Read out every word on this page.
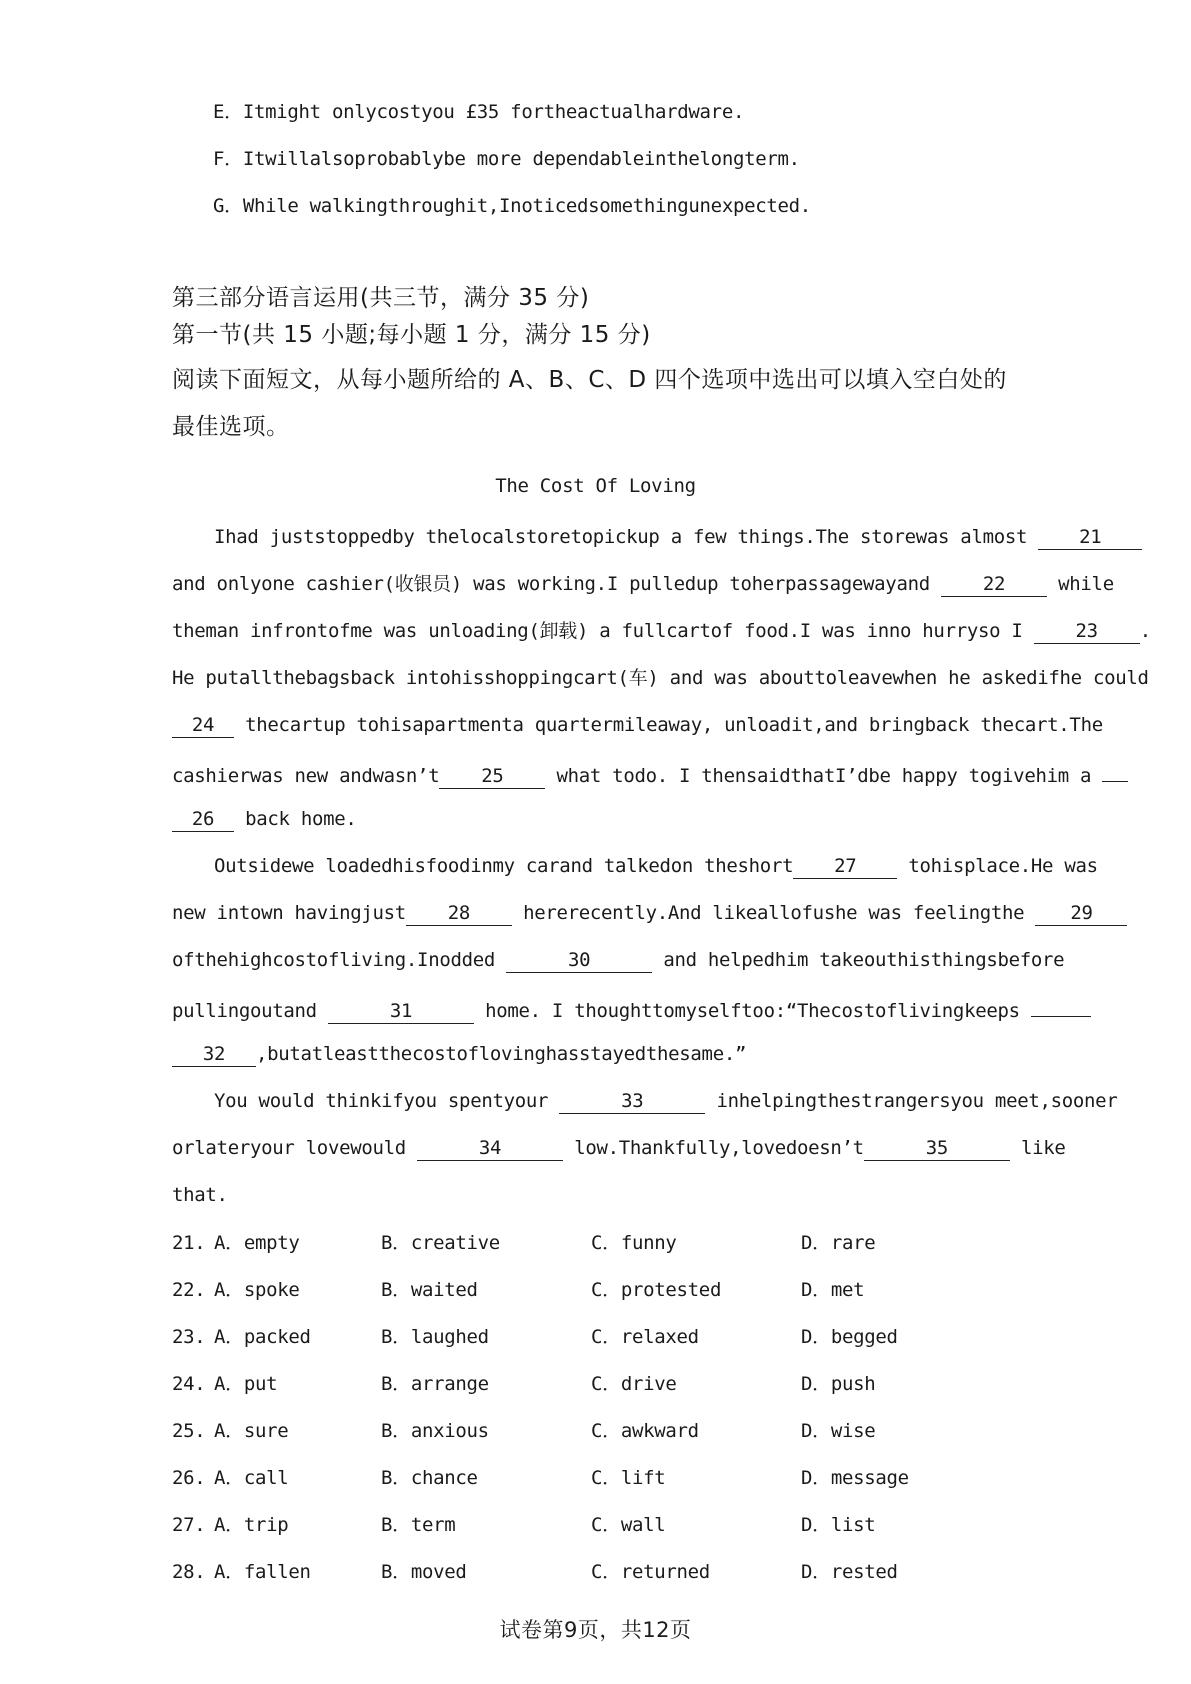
E．Itmight onlycostyou £35 fortheactualhardware.
F．Itwillalsoprobablybe more dependableinthelongterm.
G．While walkingthroughit,Inoticedsomethingunexpected.
第三部分语言运用(共三节，满分 35 分)
第一节(共 15 小题;每小题 1 分，满分 15 分)
阅读下面短文，从每小题所给的 A、B、C、D 四个选项中选出可以填入空白处的
最佳选项。
The Cost Of Loving
Ihad juststoppedby thelocalstoretopickup a few things.The storewas almost	21
and onlyone cashier(收银员) was working.I pulledup toherpassagewayand	22	while
theman infrontofme was unloading(卸载) a fullcartof food.I was inno hurryso I	23 .
He putallthebagsback intohisshoppingcart(车) and was abouttoleavewhen he askedifhe could
24 thecartup tohisapartmenta quartermileaway, unloadit,and bringback thecart.The
cashierwas new andwasn’t 25	what todo. I thensaidthatI’dbe happy togivehim a
26 back home.
Outsidewe loadedhisfoodinmy carand talkedon theshort 27	tohisplace.He was
new intown havingjust 28	hererecently.And likeallofushe was feelingthe 29
ofthehighcostofliving.Inodded	30	and helpedhim takeouthisthingsbefore
pullingoutand	31	home. I thoughttomyselftoo:“Thecostoflivingkeeps
32 ,butatleastthecostoflovinghasstayedthesame.”
You would thinkifyou spentyour	33	inhelpingthestrangersyou meet,sooner
orlateryour lovewould	34	low.Thankfully,lovedoesn’t	35	like
that.
21. A．empty	B．creative	C．funny	D．rare
22. A．spoke	B．waited	C．protested	D．met
23. A．packed	B．laughed	C．relaxed	D．begged
24. A．put	B．arrange	C．drive	D．push
25. A．sure	B．anxious	C．awkward	D．wise
26. A．call	B．chance	C．lift	D．message
27. A．trip	B．term	C．wall	D．list
28. A．fallen	B．moved	C．returned	D．rested
试卷第9页，共12页
